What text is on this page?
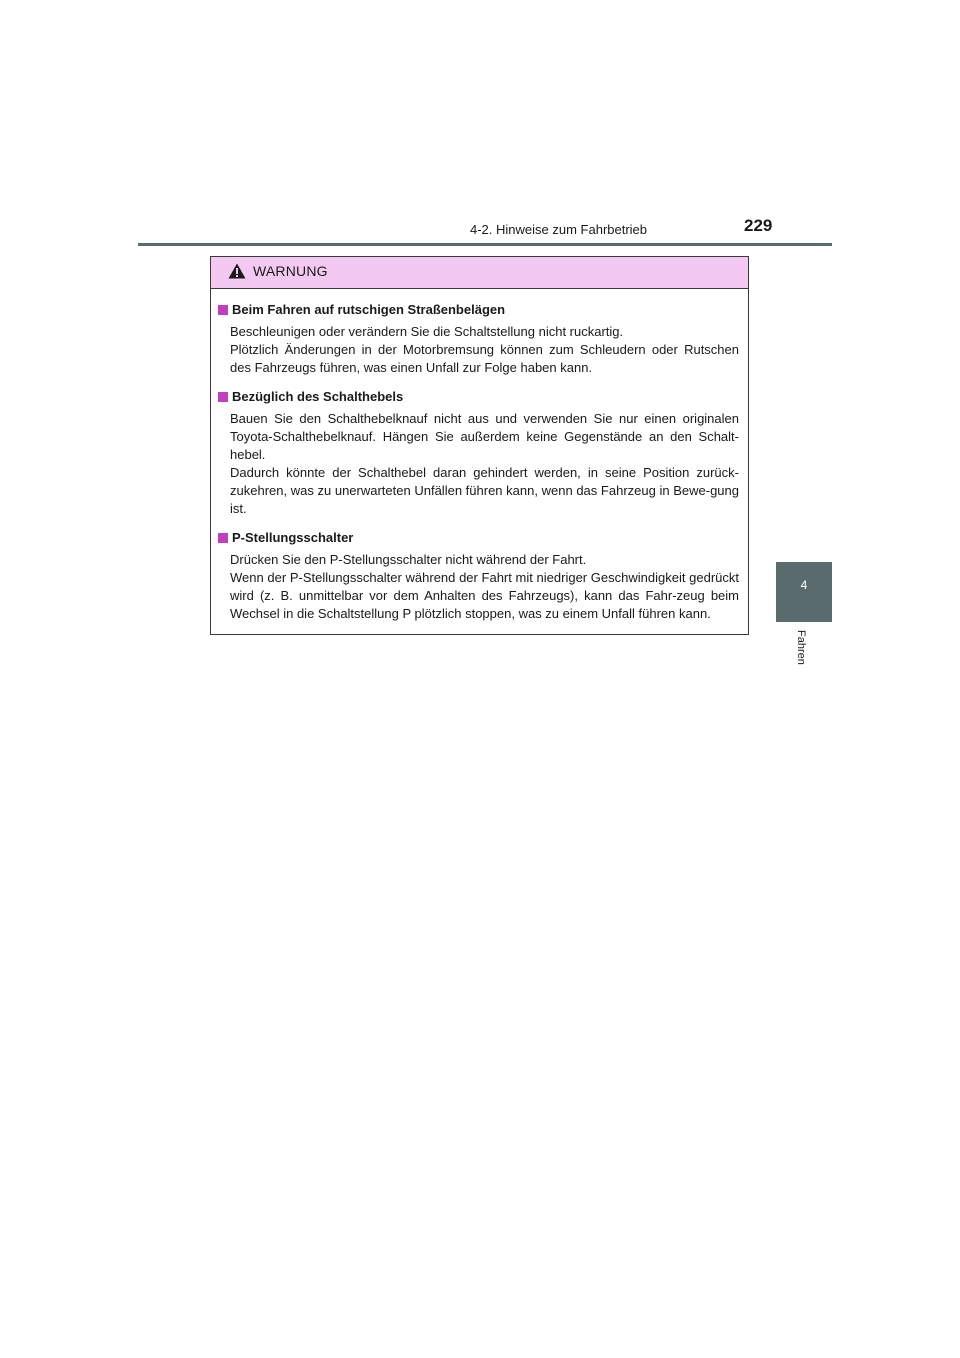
4-2. Hinweise zum Fahrbetrieb	229
4
Fahren
WARNUNG
Beim Fahren auf rutschigen Straßenbelägen

Beschleunigen oder verändern Sie die Schaltstellung nicht ruckartig.

Plötzlich Änderungen in der Motorbremsung können zum Schleudern oder Rutschen des Fahrzeugs führen, was einen Unfall zur Folge haben kann.

Bezüglich des Schalthebels

Bauen Sie den Schalthebelknauf nicht aus und verwenden Sie nur einen originalen Toyota-Schalthebelknauf. Hängen Sie außerdem keine Gegenstände an den Schalt-hebel.

Dadurch könnte der Schalthebel daran gehindert werden, in seine Position zurück-zukehren, was zu unerwarteten Unfällen führen kann, wenn das Fahrzeug in Bewe-gung ist.

P-Stellungsschalter

Drücken Sie den P-Stellungsschalter nicht während der Fahrt.

Wenn der P-Stellungsschalter während der Fahrt mit niedriger Geschwindigkeit gedrückt wird (z. B. unmittelbar vor dem Anhalten des Fahrzeugs), kann das Fahr-zeug beim Wechsel in die Schaltstellung P plötzlich stoppen, was zu einem Unfall führen kann.
